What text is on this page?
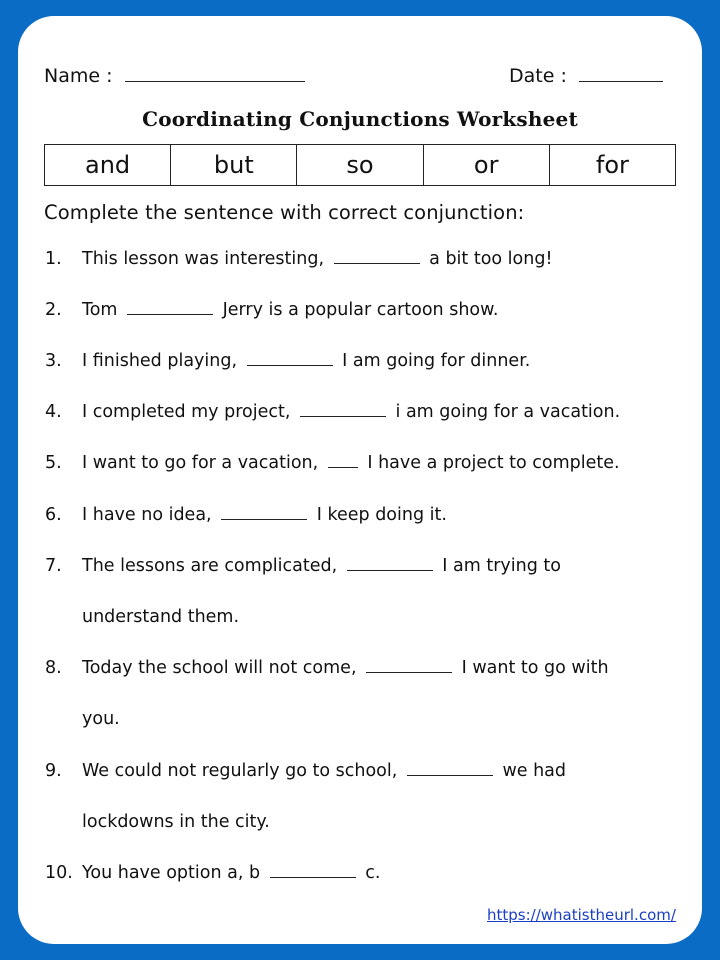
Name :	Date :
Coordinating Conjunctions Worksheet
and	but	so	or	for
Complete the sentence with correct conjunction:
1. This lesson was interesting,	a bit too long!
2. Tom	Jerry is a popular cartoon show.
3. I finished playing,	I am going for dinner.
4. I completed my project,	i am going for a vacation.
5. I want to go for a vacation,  I have a project to complete.
6. I have no idea,	I keep doing it.
7. The lessons are complicated,	I am trying to
understand them.
8. Today the school will not come,	I want to go with
you.
9. We could not regularly go to school,	we had
lockdowns in the city.
10. You have option a, b	c.
https://whatistheurl.com/
